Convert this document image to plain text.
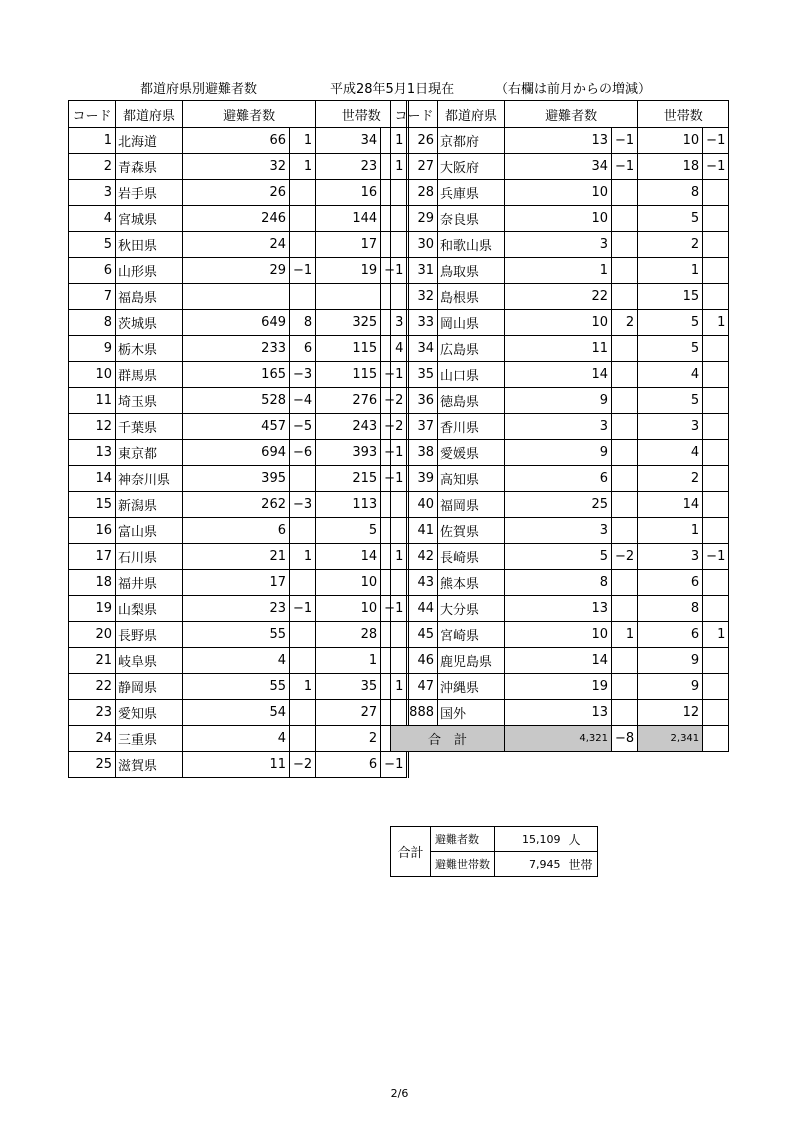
都道府県別避難者数	平成28年5月1日現在	（右欄は前月からの増減）
コード	都道府県	避難者数		世帯数	
1	北海道	66	1	34	1
2	青森県	32	1	23	1
3	岩手県	26		16	
4	宮城県	246		144	
5	秋田県	24		17	
6	山形県	29	−1	19	−1
7	福島県				
8	茨城県	649	8	325	3
9	栃木県	233	6	115	4
10	群馬県	165	−3	115	−1
11	埼玉県	528	−4	276	−2
12	千葉県	457	−5	243	−2
13	東京都	694	−6	393	−1
14	神奈川県	395		215	−1
15	新潟県	262	−3	113	
16	富山県	6		5	
17	石川県	21	1	14	1
18	福井県	17		10	
19	山梨県	23	−1	10	−1
20	長野県	55		28	
21	岐阜県	4		1	
22	静岡県	55	1	35	1
23	愛知県	54		27	
24	三重県	4		2	
25	滋賀県	11	−2	6	−1
コード	都道府県	避難者数		世帯数	
26	京都府	13	−1	10	−1
27	大阪府	34	−1	18	−1
28	兵庫県	10		8	
29	奈良県	10		5	
30	和歌山県	3		2	
31	鳥取県	1		1	
32	島根県	22		15	
33	岡山県	10	2	5	1
34	広島県	11		5	
35	山口県	14		4	
36	徳島県	9		5	
37	香川県	3		3	
38	愛媛県	9		4	
39	高知県	6		2	
40	福岡県	25		14	
41	佐賀県	3		1	
42	長崎県	5	−2	3	−1
43	熊本県	8		6	
44	大分県	13		8	
45	宮崎県	10	1	6	1
46	鹿児島県	14		9	
47	沖縄県	19		9	
888	国外	13		12	
合　計		4,321	−8	2,341	
合計	避難者数	15,109	人
	避難世帯数	7,945	世帯
2/6
